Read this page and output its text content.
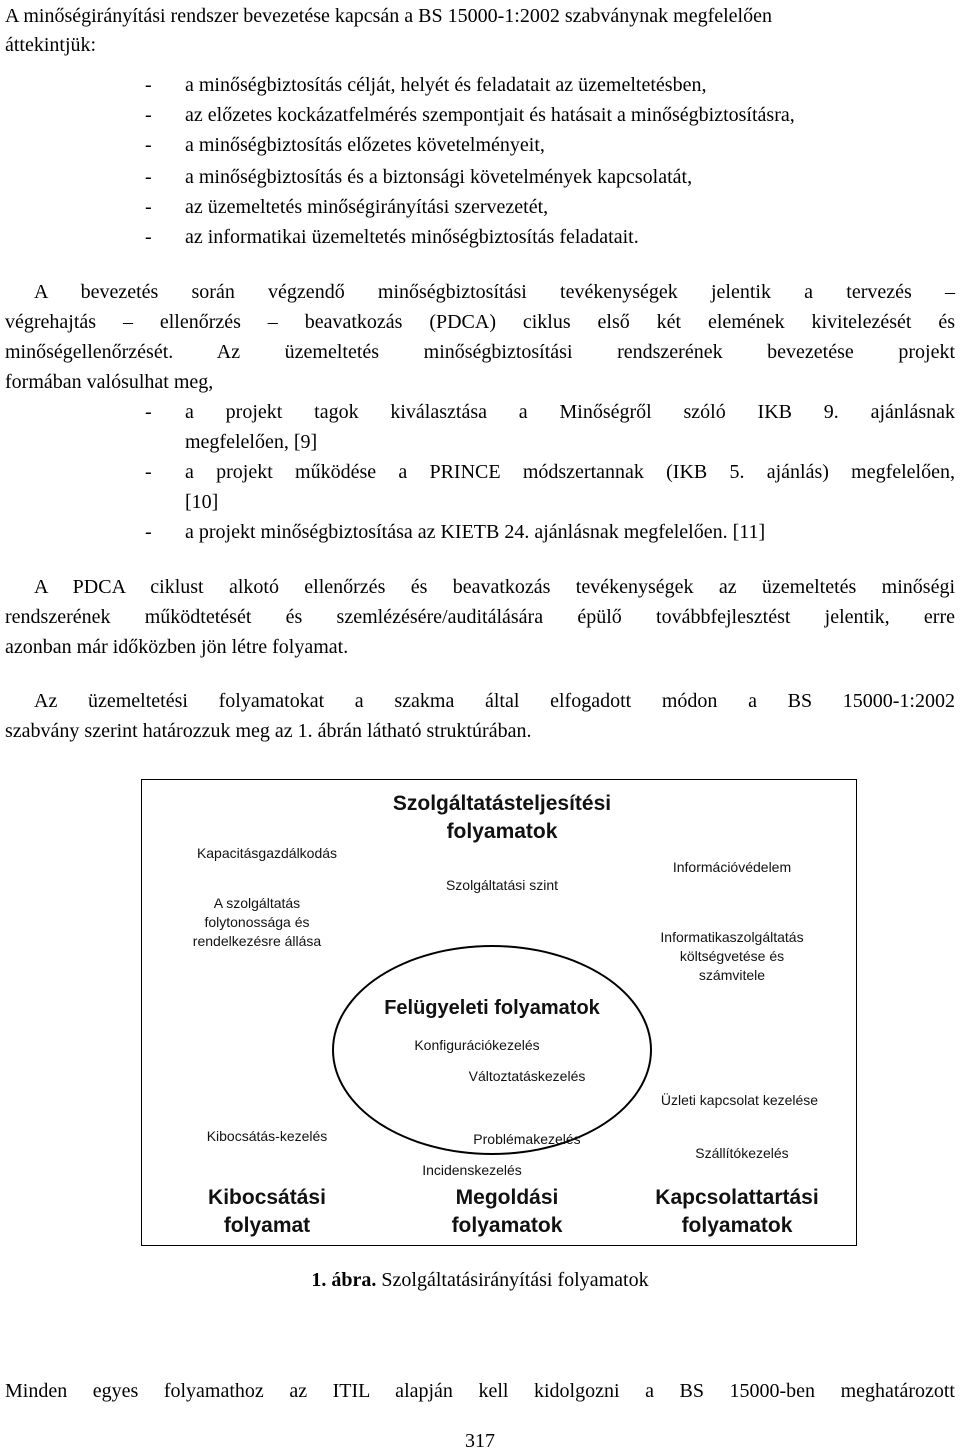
A minőségirányítási rendszer bevezetése kapcsán a BS 15000-1:2002 szabványnak megfelelően
áttekintjük:
- a minőségbiztosítás célját, helyét és feladatait az üzemeltetésben,
- az előzetes kockázatfelmérés szempontjait és hatásait a minőségbiztosításra,
- a minőségbiztosítás előzetes követelményeit,
- a minőségbiztosítás és a biztonsági követelmények kapcsolatát,
- az üzemeltetés minőségirányítási szervezetét,
- az informatikai üzemeltetés minőségbiztosítás feladatait.
A bevezetés során végzendő minőségbiztosítási tevékenységek jelentik a tervezés –
végrehajtás – ellenőrzés – beavatkozás (PDCA) ciklus első két elemének kivitelezését és
minőségellenőrzését. Az üzemeltetés minőségbiztosítási rendszerének bevezetése projekt
formában valósulhat meg,
- a projekt tagok kiválasztása a Minőségről szóló IKB 9. ajánlásnak
megfelelően, [9]
- a projekt működése a PRINCE módszertannak (IKB 5. ajánlás) megfelelően,
[10]
- a projekt minőségbiztosítása az KIETB 24. ajánlásnak megfelelően. [11]
A PDCA ciklust alkotó ellenőrzés és beavatkozás tevékenységek az üzemeltetés minőségi
rendszerének működtetését és szemlézésére/auditálására épülő továbbfejlesztést jelentik, erre
azonban már időközben jön létre folyamat.
Az üzemeltetési folyamatokat a szakma által elfogadott módon a BS 15000-1:2002
szabvány szerint határozzuk meg az 1. ábrán látható struktúrában.
Szolgáltatásteljesítési
folyamatok
Kapacitásgazdálkodás
Szolgáltatási szint
Információvédelem
A szolgáltatás
folytonossága és
rendelkezésre állása	Informatikaszolgáltatás
költségvetése és
számvitele
Felügyeleti folyamatok
Konfigurációkezelés
Változtatáskezelés
Üzleti kapcsolat kezelése
Kibocsátás-kezelés	Problémakezelés
Incidenskezelés
Szállítókezelés
Kibocsátási
folyamat
Megoldási
folyamatok
Kapcsolattartási
folyamatok
1. ábra. Szolgáltatásirányítási folyamatok
Minden egyes folyamathoz az ITIL alapján kell kidolgozni a BS 15000-ben meghatározott
317
